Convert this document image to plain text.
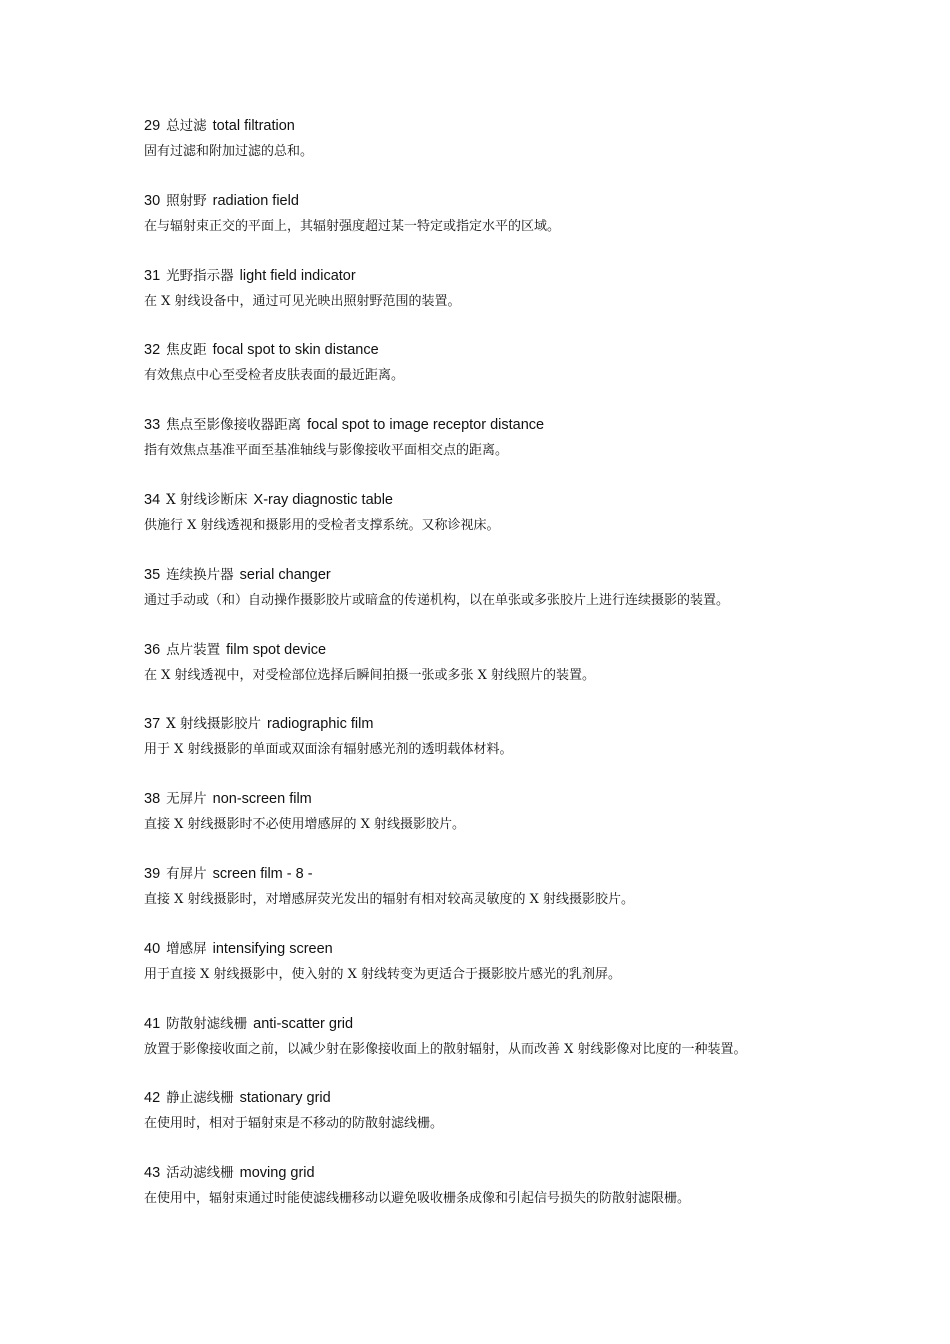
29 总过滤 total filtration
固有过滤和附加过滤的总和。
30 照射野 radiation field
在与辐射束正交的平面上，其辐射强度超过某一特定或指定水平的区域。
31 光野指示器 light field indicator
在 X 射线设备中，通过可见光映出照射野范围的装置。
32 焦皮距 focal spot to skin distance
有效焦点中心至受检者皮肤表面的最近距离。
33 焦点至影像接收器距离 focal spot to image receptor distance
指有效焦点基准平面至基准轴线与影像接收平面相交点的距离。
34 X 射线诊断床 X-ray diagnostic table
供施行 X 射线透视和摄影用的受检者支撑系统。又称诊视床。
35 连续换片器 serial changer
通过手动或（和）自动操作摄影胶片或暗盒的传递机构，以在单张或多张胶片上进行连续摄影的装置。
36 点片装置 film spot device
在 X 射线透视中，对受检部位选择后瞬间拍摄一张或多张 X 射线照片的装置。
37 X 射线摄影胶片 radiographic film
用于 X 射线摄影的单面或双面涂有辐射感光剂的透明载体材料。
38 无屏片 non-screen film
直接 X 射线摄影时不必使用增感屏的 X 射线摄影胶片。
39 有屏片 screen film - 8 -
直接 X 射线摄影时，对增感屏荧光发出的辐射有相对较高灵敏度的 X 射线摄影胶片。
40 增感屏 intensifying screen
用于直接 X 射线摄影中，使入射的 X 射线转变为更适合于摄影胶片感光的乳剂屏。
41 防散射滤线栅 anti-scatter grid
放置于影像接收面之前，以减少射在影像接收面上的散射辐射，从而改善 X 射线影像对比度的一种装置。
42 静止滤线栅 stationary grid
在使用时，相对于辐射束是不移动的防散射滤线栅。
43 活动滤线栅 moving grid
在使用中，辐射束通过时能使滤线栅移动以避免吸收栅条成像和引起信号损失的防散射滤限栅。
